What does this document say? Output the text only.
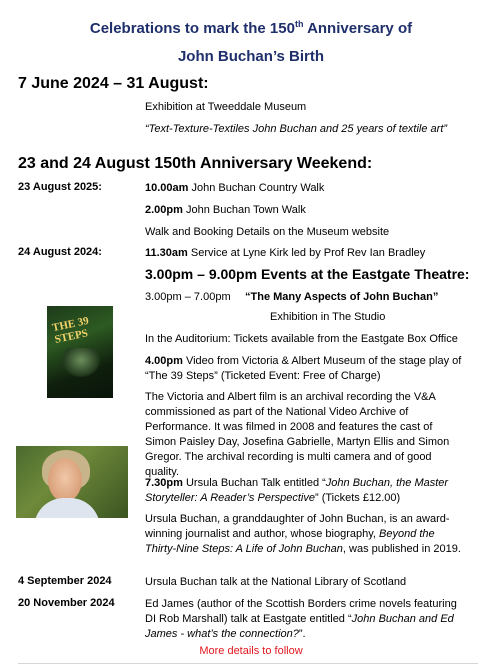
Celebrations to mark the 150th Anniversary of
John Buchan’s Birth
7 June 2024 – 31 August:
Exhibition at Tweeddale Museum
“Text-Texture-Textiles John Buchan and 25 years of textile art”
23 and 24 August 150th Anniversary Weekend:
23 August 2025:	10.00am John Buchan Country Walk
2.00pm John Buchan Town Walk
Walk and Booking Details on the Museum website
24 August 2024:	11.30am Service at Lyne Kirk led by Prof Rev Ian Bradley
3.00pm – 9.00pm Events at the Eastgate Theatre:
3.00pm – 7.00pm “The Many Aspects of John Buchan”
Exhibition in The Studio
In the Auditorium: Tickets available from the Eastgate Box Office
4.00pm Video from Victoria & Albert Museum of the stage play of “The 39 Steps” (Ticketed Event: Free of Charge)
The Victoria and Albert film is an archival recording the V&A commissioned as part of the National Video Archive of Performance. It was filmed in 2008 and features the cast of Simon Paisley Day, Josefina Gabrielle, Martyn Ellis and Simon Gregor. The archival recording is multi camera and of good quality.
7.30pm Ursula Buchan Talk entitled “John Buchan, the Master Storyteller: A Reader’s Perspective” (Tickets £12.00)
Ursula Buchan, a granddaughter of John Buchan, is an award-winning journalist and author, whose biography, Beyond the Thirty-Nine Steps: A Life of John Buchan, was published in 2019.
THE 39 STEPS
4 September 2024	Ursula Buchan talk at the National Library of Scotland
20 November 2024	Ed James (author of the Scottish Borders crime novels featuring DI Rob Marshall) talk at Eastgate entitled “John Buchan and Ed James - what’s the connection?”.
More details to follow
